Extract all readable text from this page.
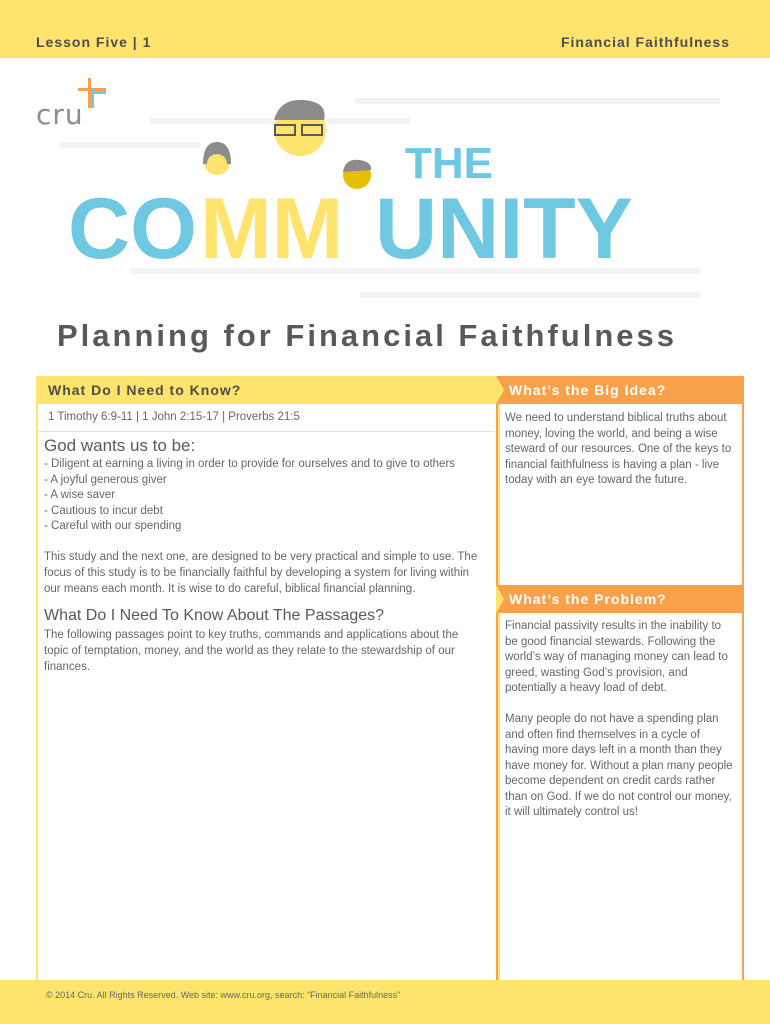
Lesson Five | 1	Financial Faithfulness
cru
THE
CO MM UNITY
Planning for Financial Faithfulness
What Do I Need to Know?
1 Timothy 6:9-11 | 1 John 2:15-17 | Proverbs 21:5
God wants us to be:
- Diligent at earning a living in order to provide for ourselves and to give to others
- A joyful generous giver
- A wise saver
- Cautious to incur debt
- Careful with our spending
This study and the next one, are designed to be very practical and simple to use. The focus of this study is to be financially faithful by developing a system for living within our means each month. It is wise to do careful, biblical financial planning.
What Do I Need To Know About The Passages?
The following passages point to key truths, commands and applications about the topic of temptation, money, and the world as they relate to the stewardship of our finances.
What’s the Big Idea?
We need to understand biblical truths about money, loving the world, and being a wise steward of our resources. One of the keys to financial faithfulness is having a plan - live today with an eye toward the future.
What’s the Problem?
Financial passivity results in the inability to be good financial stewards. Following the world’s way of managing money can lead to greed, wasting God’s provision, and potentially a heavy load of debt.
Many people do not have a spending plan and often find themselves in a cycle of having more days left in a month than they have money for. Without a plan many people become dependent on credit cards rather than on God. If we do not control our money, it will ultimately control us!
© 2014 Cru. All Rights Reserved. Web site: www.cru.org, search: “Financial Faithfulness”
